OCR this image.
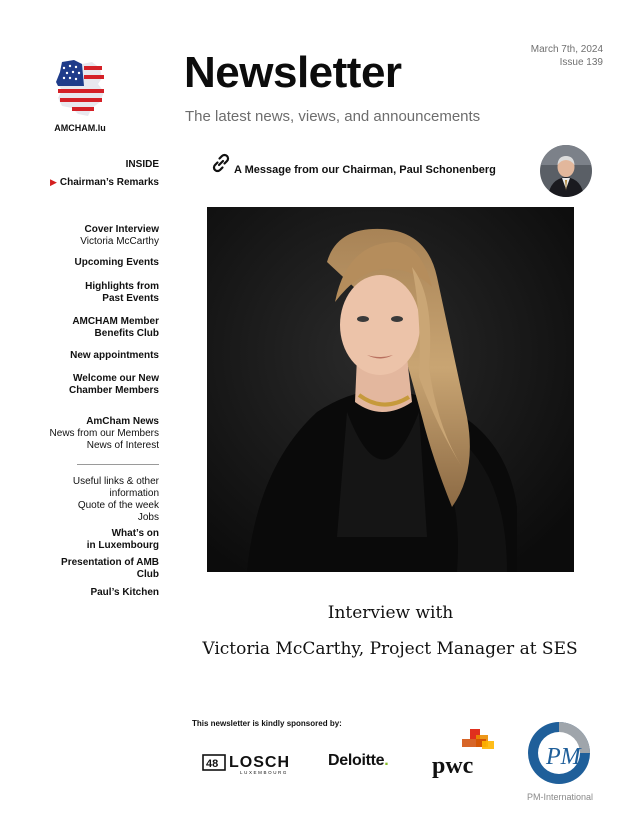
AMCHAM.lu
Newsletter
The latest news, views, and announcements
March 7th, 2024
Issue 139
INSIDE
▶ Chairman’s Remarks
Cover Interview
Victoria McCarthy
Upcoming Events
Highlights from
Past Events
AMCHAM Member
Benefits Club
New appointments
Welcome our New
Chamber Members
AmCham News
News from our Members
News of Interest
Useful links & other
information
Quote of the week
Jobs
What’s on
in Luxembourg
Presentation of AMB
Club
Paul’s Kitchen
A Message from our Chairman, Paul Schonenberg
Interview with
Victoria McCarthy, Project Manager at SES
This newsletter is kindly sponsored by:
48 LOSCH
LUXEMBOURG
Deloitte. pwc	PM
PM-International
